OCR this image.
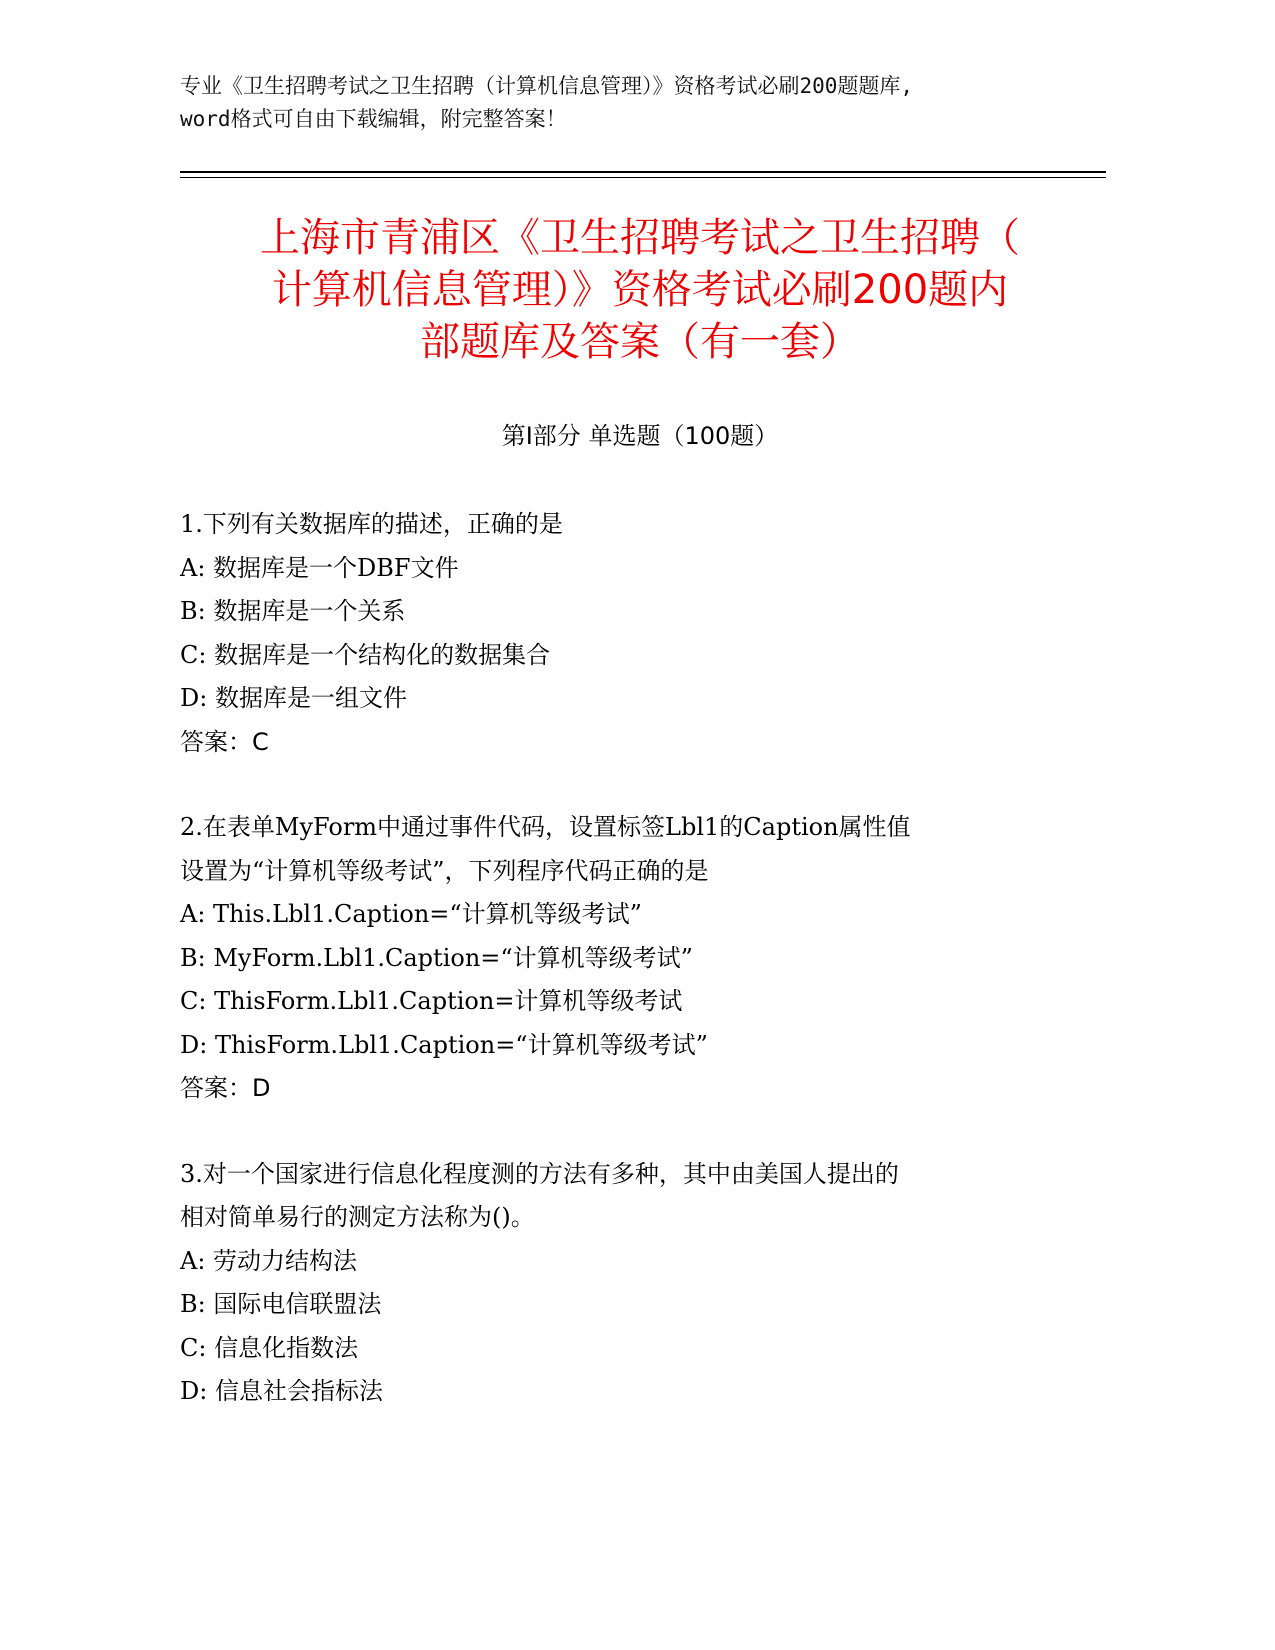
专业《卫生招聘考试之卫生招聘（计算机信息管理）》资格考试必刷200题题库,
word格式可自由下载编辑，附完整答案！
上海市青浦区《卫生招聘考试之卫生招聘（
计算机信息管理）》资格考试必刷200题内
部题库及答案（有一套）
第Ⅰ部分 单选题（100题）
1.下列有关数据库的描述，正确的是
A: 数据库是一个DBF文件
B: 数据库是一个关系
C: 数据库是一个结构化的数据集合
D: 数据库是一组文件
答案：C
2.在表单MyForm中通过事件代码，设置标签Lbl1的Caption属性值
设置为“计算机等级考试”，下列程序代码正确的是
A: This.Lbl1.Caption=“计算机等级考试”
B: MyForm.Lbl1.Caption=“计算机等级考试”
C: ThisForm.Lbl1.Caption=计算机等级考试
D: ThisForm.Lbl1.Caption=“计算机等级考试”
答案：D
3.对一个国家进行信息化程度测的方法有多种，其中由美国人提出的
相对简单易行的测定方法称为()。
A: 劳动力结构法
B: 国际电信联盟法
C: 信息化指数法
D: 信息社会指标法
